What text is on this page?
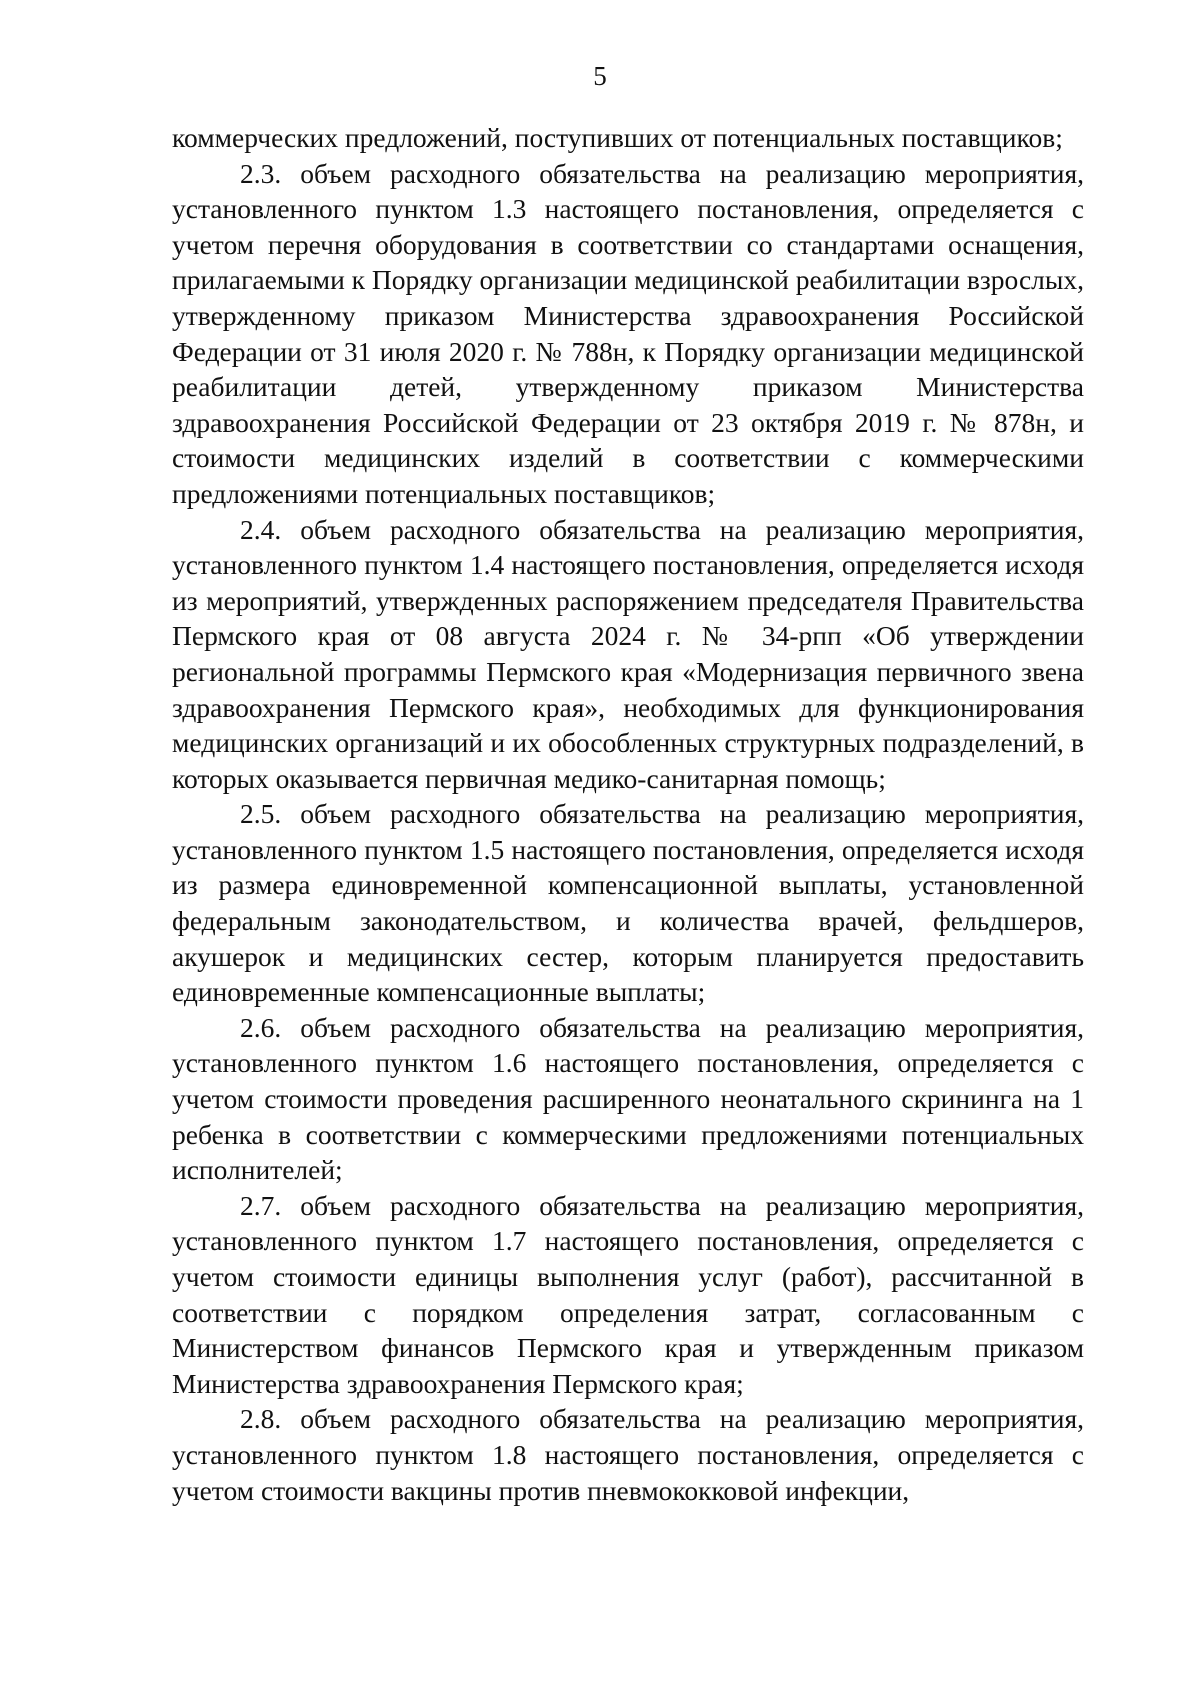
5

коммерческих предложений, поступивших от потенциальных поставщиков;

2.3. объем расходного обязательства на реализацию мероприятия, установленного пунктом 1.3 настоящего постановления, определяется с учетом перечня оборудования в соответствии со стандартами оснащения, прилагаемыми к Порядку организации медицинской реабилитации взрослых, утвержденному приказом Министерства здравоохранения Российской Федерации от 31 июля 2020 г. № 788н, к Порядку организации медицинской реабилитации детей, утвержденному приказом Министерства здравоохранения Российской Федерации от 23 октября 2019 г. № 878н, и стоимости медицинских изделий в соответствии с коммерческими предложениями потенциальных поставщиков;

2.4. объем расходного обязательства на реализацию мероприятия, установленного пунктом 1.4 настоящего постановления, определяется исходя из мероприятий, утвержденных распоряжением председателя Правительства Пермского края от 08 августа 2024 г. № 34-рпп «Об утверждении региональной программы Пермского края «Модернизация первичного звена здравоохранения Пермского края», необходимых для функционирования медицинских организаций и их обособленных структурных подразделений, в которых оказывается первичная медико-санитарная помощь;

2.5. объем расходного обязательства на реализацию мероприятия, установленного пунктом 1.5 настоящего постановления, определяется исходя из размера единовременной компенсационной выплаты, установленной федеральным законодательством, и количества врачей, фельдшеров, акушерок и медицинских сестер, которым планируется предоставить единовременные компенсационные выплаты;

2.6. объем расходного обязательства на реализацию мероприятия, установленного пунктом 1.6 настоящего постановления, определяется с учетом стоимости проведения расширенного неонатального скрининга на 1 ребенка в соответствии с коммерческими предложениями потенциальных исполнителей;

2.7. объем расходного обязательства на реализацию мероприятия, установленного пунктом 1.7 настоящего постановления, определяется с учетом стоимости единицы выполнения услуг (работ), рассчитанной в соответствии с порядком определения затрат, согласованным с Министерством финансов Пермского края и утвержденным приказом Министерства здравоохранения Пермского края;

2.8. объем расходного обязательства на реализацию мероприятия, установленного пунктом 1.8 настоящего постановления, определяется с учетом стоимости вакцины против пневмококковой инфекции,
